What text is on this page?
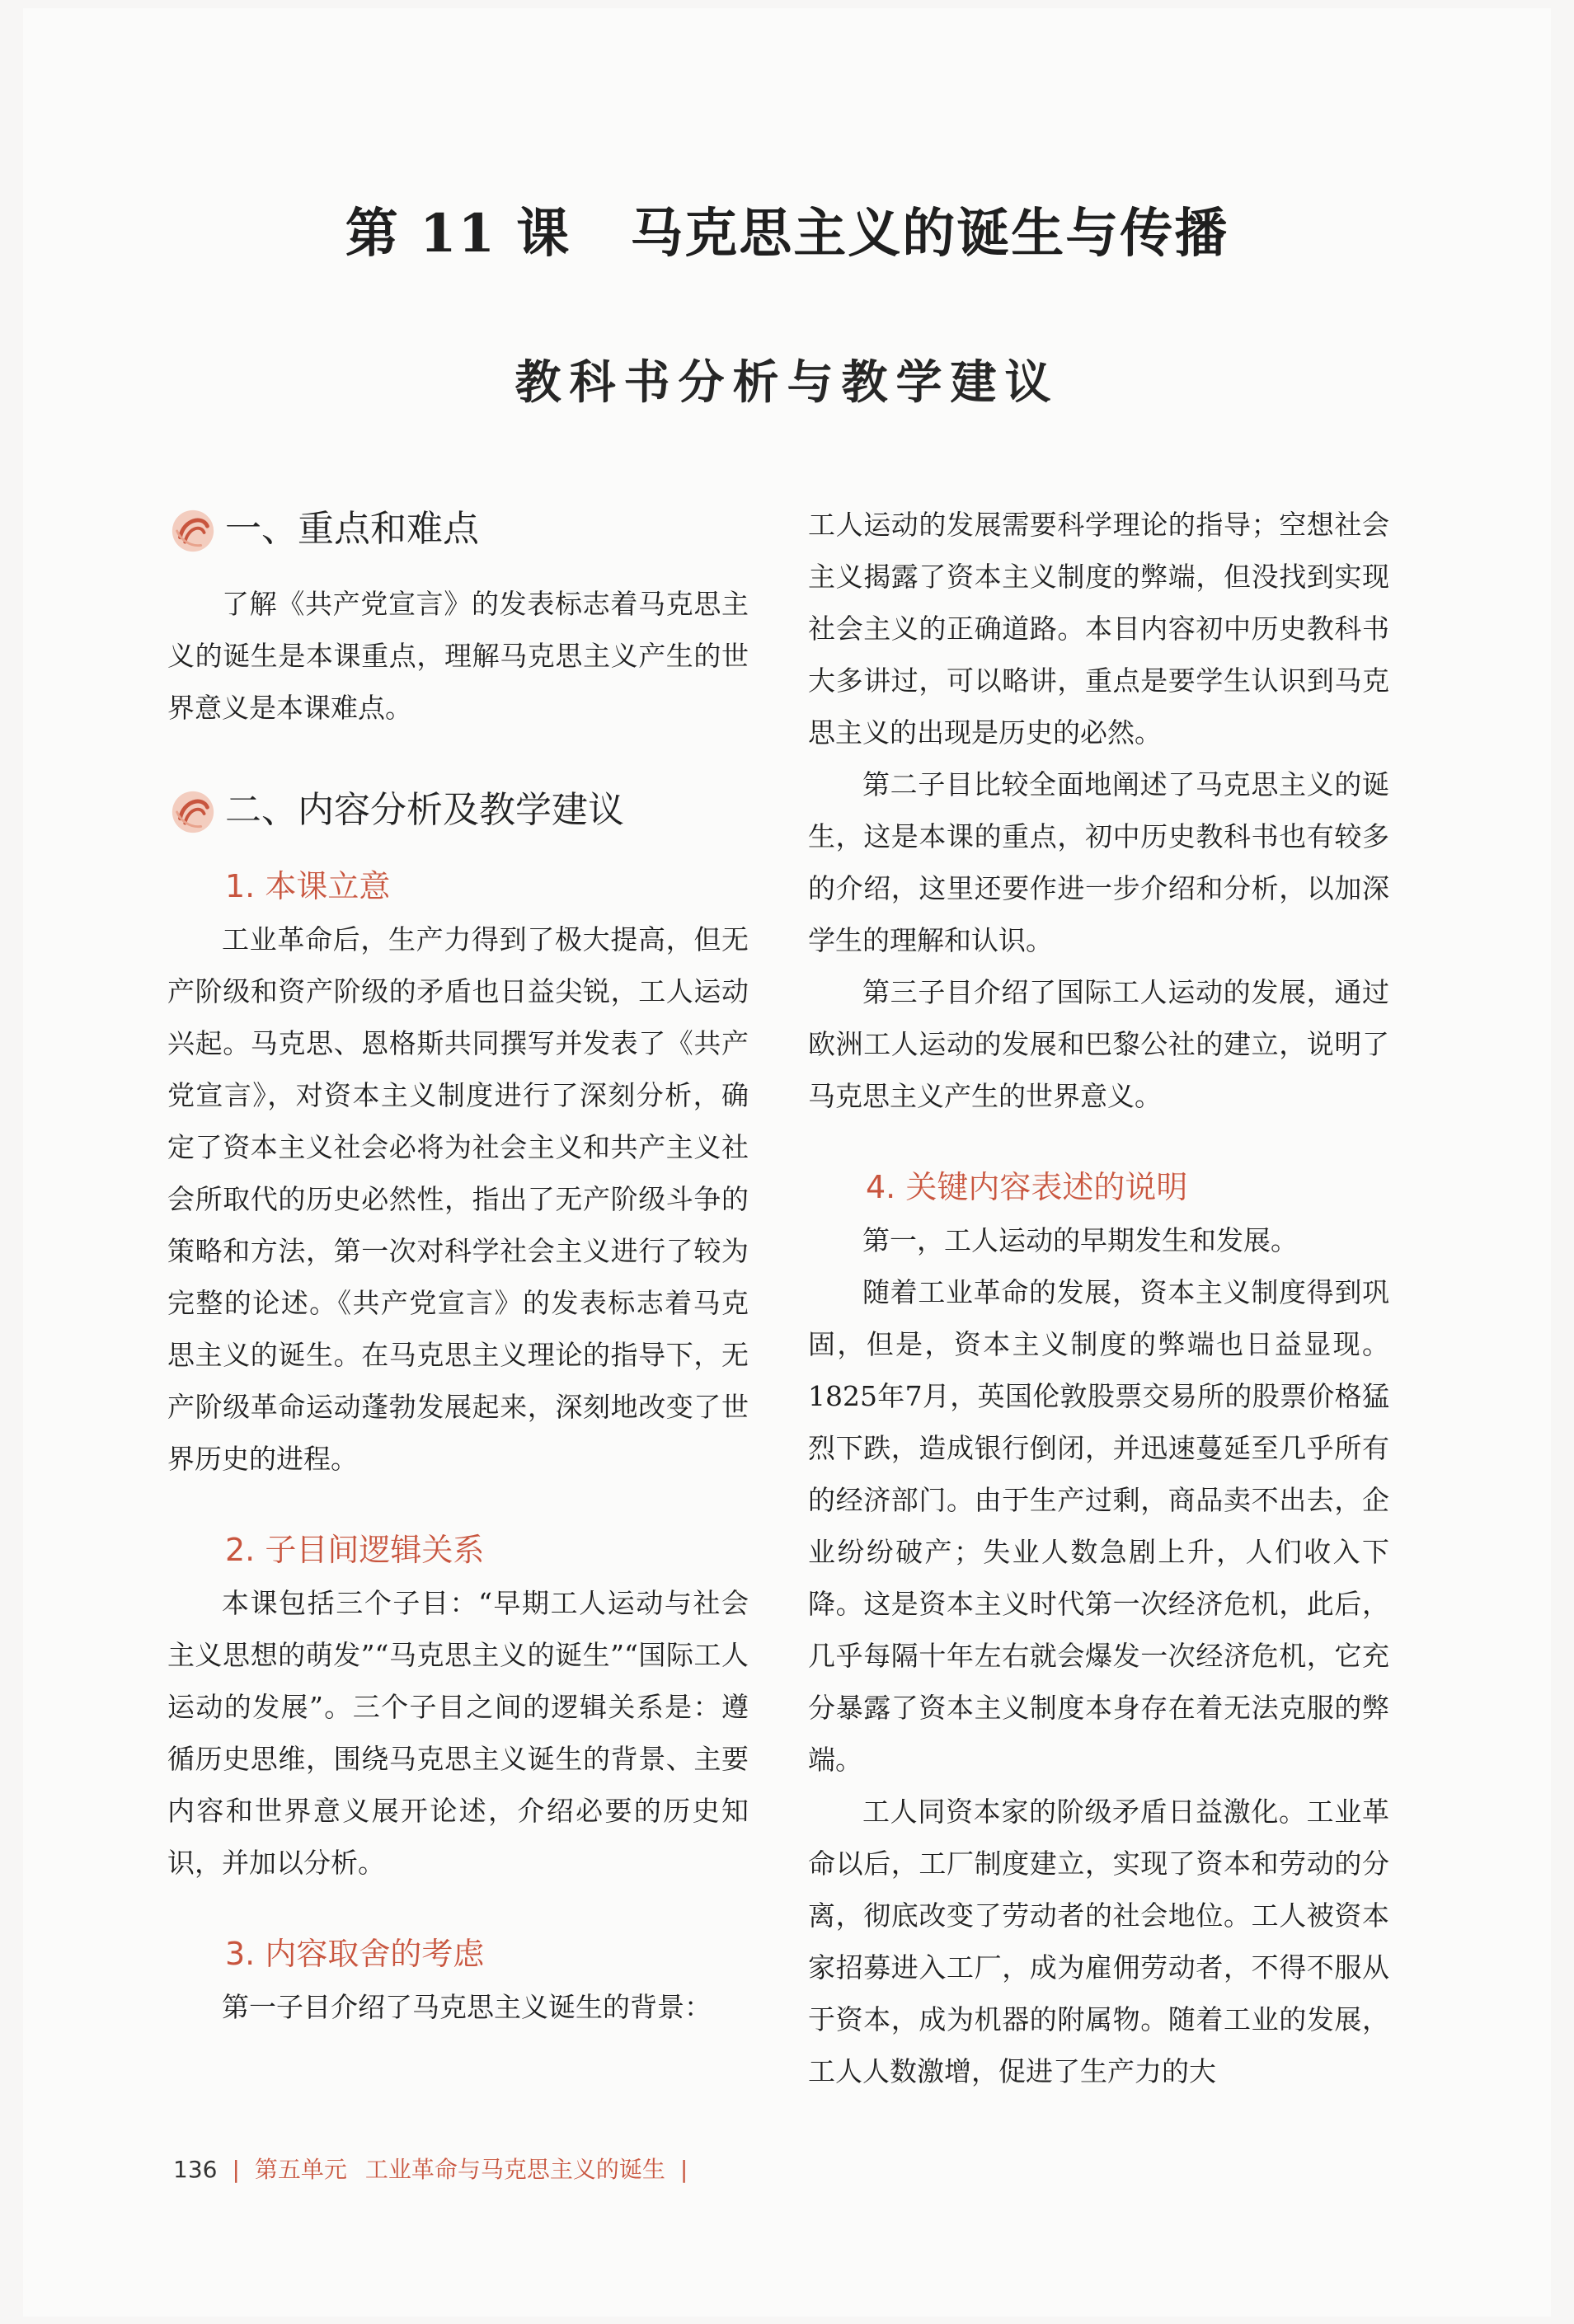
第 11 课 马克思主义的诞生与传播
教科书分析与教学建议
一、重点和难点

了解《共产党宣言》的发表标志着马克思主义的诞生是本课重点，理解马克思主义产生的世界意义是本课难点。

二、内容分析及教学建议
1. 本课立意

工业革命后，生产力得到了极大提高，但无产阶级和资产阶级的矛盾也日益尖锐，工人运动兴起。马克思、恩格斯共同撰写并发表了《共产党宣言》，对资本主义制度进行了深刻分析，确定了资本主义社会必将为社会主义和共产主义社会所取代的历史必然性，指出了无产阶级斗争的策略和方法，第一次对科学社会主义进行了较为完整的论述。《共产党宣言》的发表标志着马克思主义的诞生。在马克思主义理论的指导下，无产阶级革命运动蓬勃发展起来，深刻地改变了世界历史的进程。

2. 子目间逻辑关系

本课包括三个子目：“早期工人运动与社会主义思想的萌发”“马克思主义的诞生”“国际工人运动的发展”。三个子目之间的逻辑关系是：遵循历史思维，围绕马克思主义诞生的背景、主要内容和世界意义展开论述，介绍必要的历史知识，并加以分析。

3. 内容取舍的考虑

第一子目介绍了马克思主义诞生的背景：

工人运动的发展需要科学理论的指导；空想社会主义揭露了资本主义制度的弊端，但没找到实现社会主义的正确道路。本目内容初中历史教科书大多讲过，可以略讲，重点是要学生认识到马克思主义的出现是历史的必然。

第二子目比较全面地阐述了马克思主义的诞生，这是本课的重点，初中历史教科书也有较多的介绍，这里还要作进一步介绍和分析，以加深学生的理解和认识。

第三子目介绍了国际工人运动的发展，通过欧洲工人运动的发展和巴黎公社的建立，说明了马克思主义产生的世界意义。

4. 关键内容表述的说明

第一，工人运动的早期发生和发展。

随着工业革命的发展，资本主义制度得到巩固，但是，资本主义制度的弊端也日益显现。1825年7月，英国伦敦股票交易所的股票价格猛烈下跌，造成银行倒闭，并迅速蔓延至几乎所有的经济部门。由于生产过剩，商品卖不出去，企业纷纷破产；失业人数急剧上升，人们收入下降。这是资本主义时代第一次经济危机，此后，几乎每隔十年左右就会爆发一次经济危机，它充分暴露了资本主义制度本身存在着无法克服的弊端。

工人同资本家的阶级矛盾日益激化。工业革命以后，工厂制度建立，实现了资本和劳动的分离，彻底改变了劳动者的社会地位。工人被资本家招募进入工厂，成为雇佣劳动者，不得不服从于资本，成为机器的附属物。随着工业的发展，工人人数激增，促进了生产力的大

136 | 第五单元 工业革命与马克思主义的诞生 |
